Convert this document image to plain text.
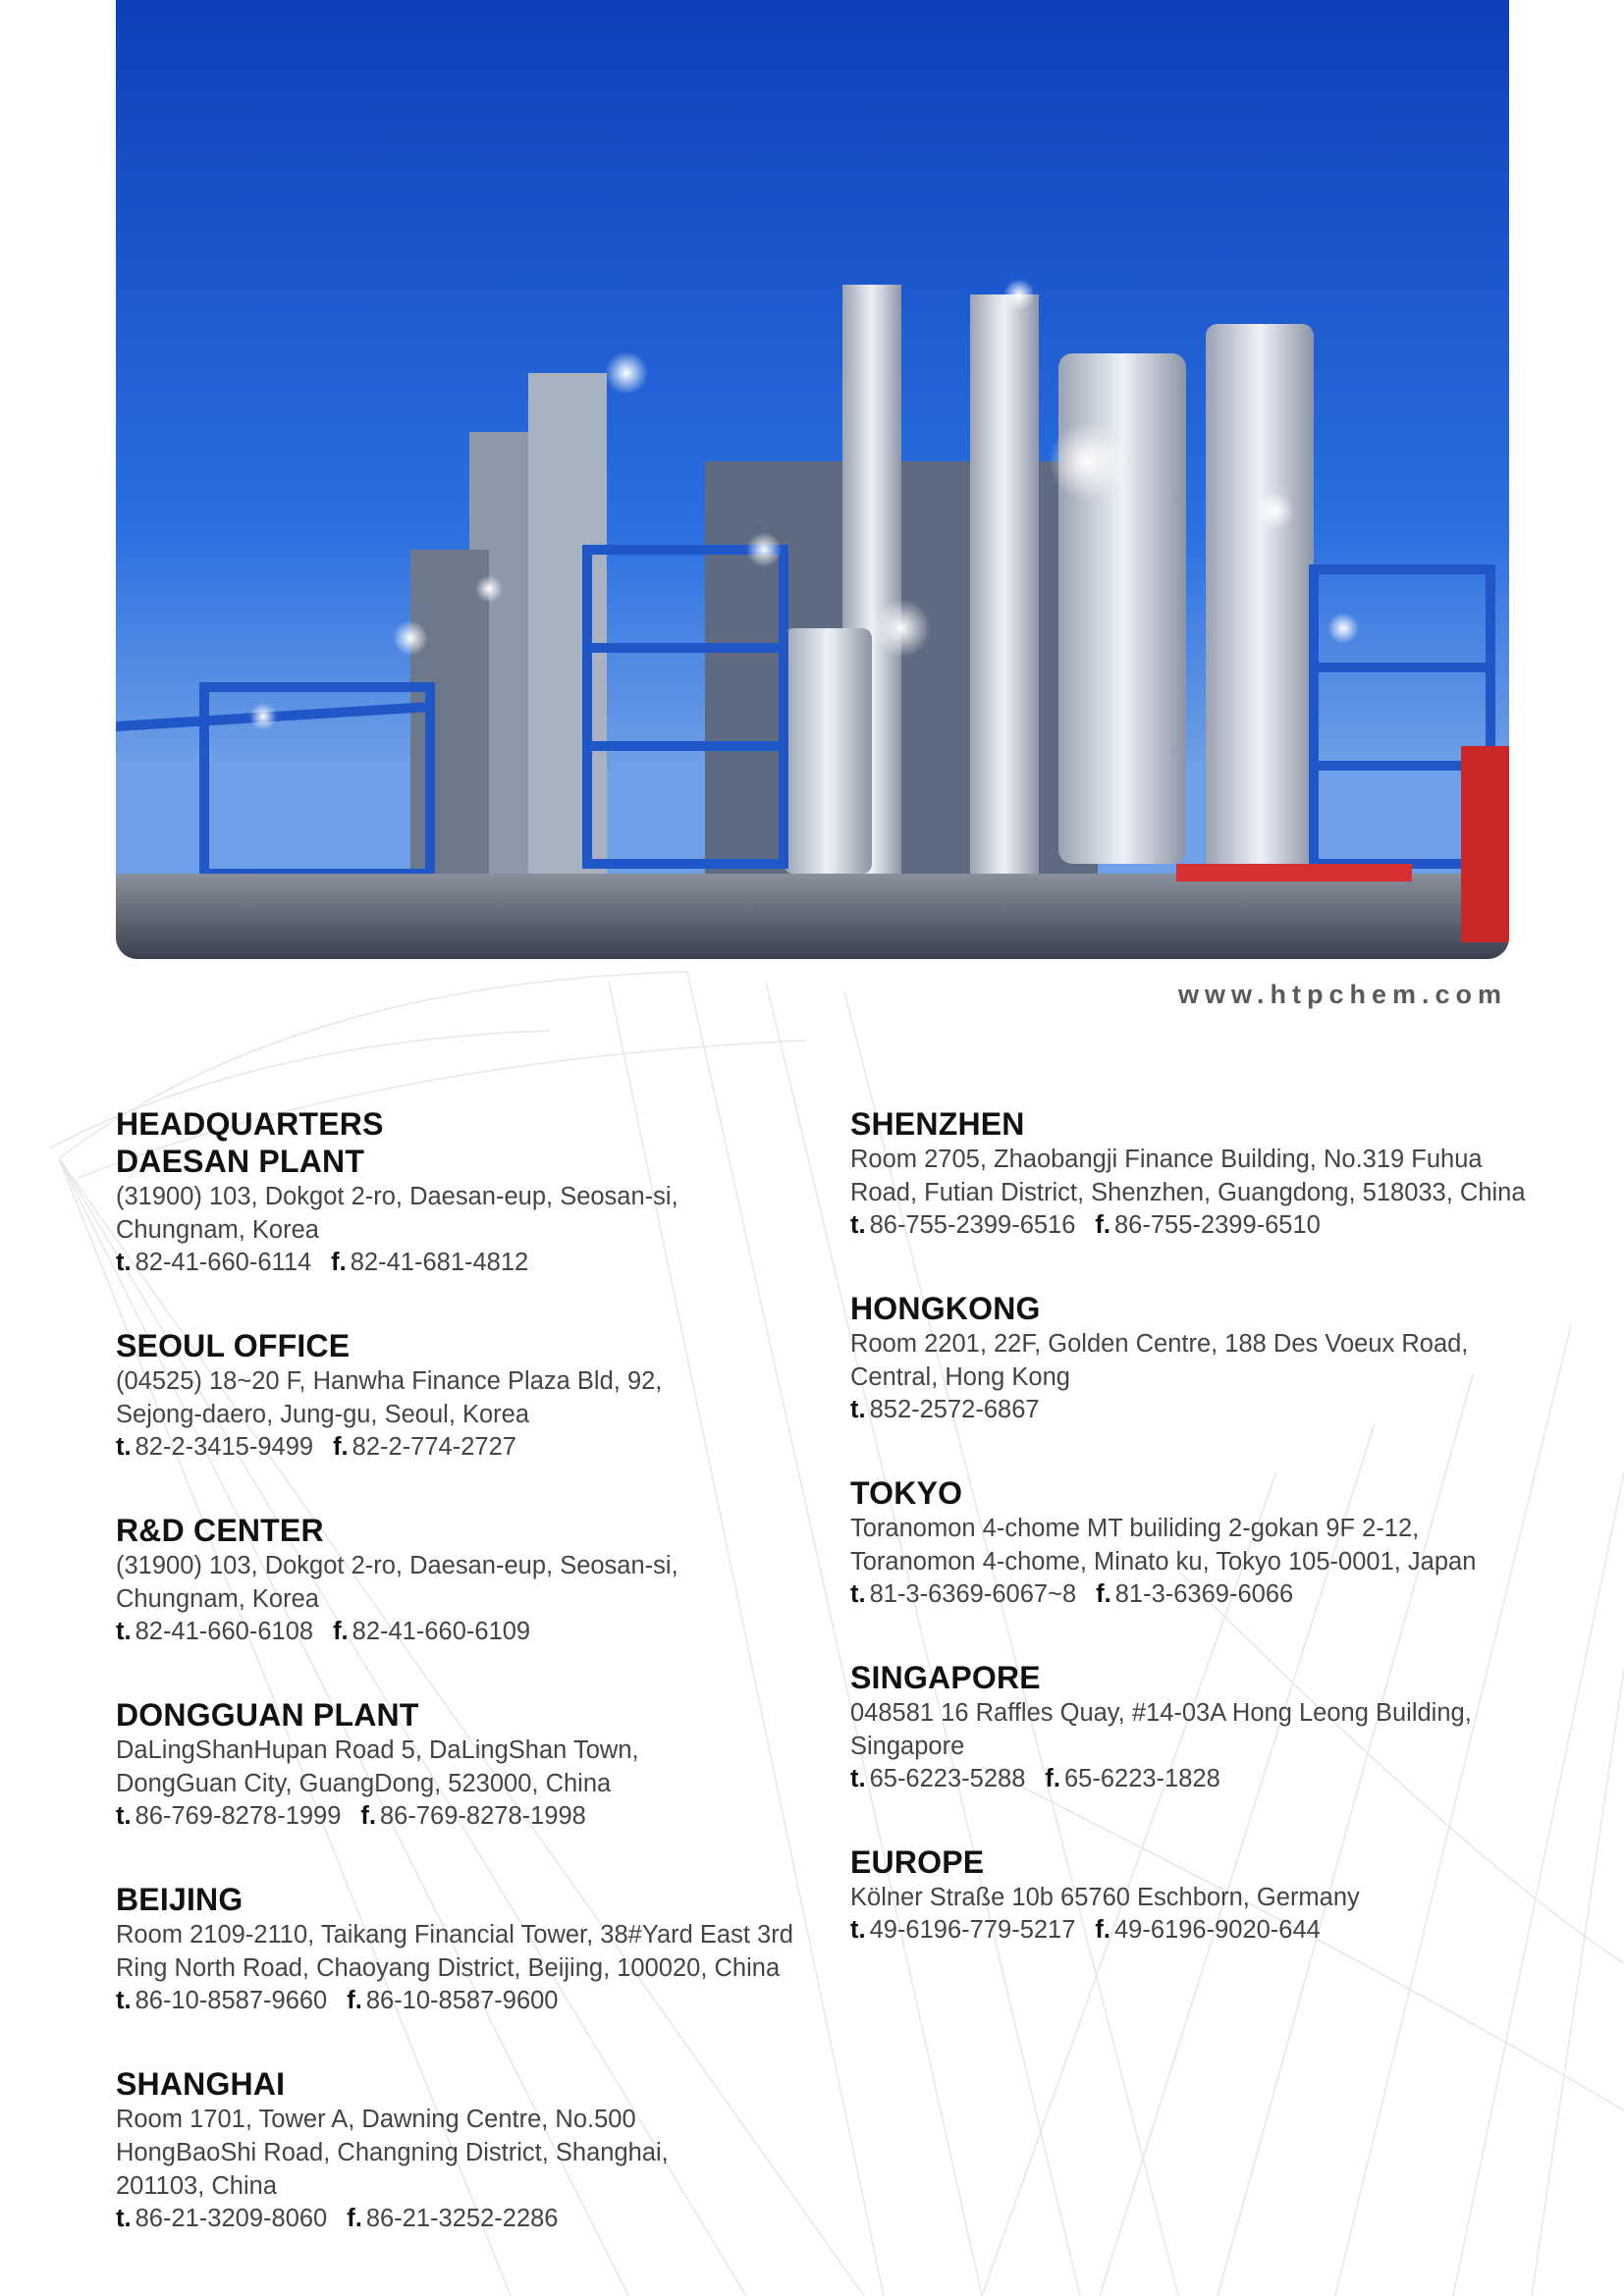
www.htpchem.com
HEADQUARTERS
DAESAN PLANT
(31900) 103, Dokgot 2-ro, Daesan-eup, Seosan-si,
Chungnam, Korea
t. 82-41-660-6114 f. 82-41-681-4812
SEOUL OFFICE
(04525) 18~20 F, Hanwha Finance Plaza Bld, 92,
Sejong-daero, Jung-gu, Seoul, Korea
t. 82-2-3415-9499 f. 82-2-774-2727
R&D CENTER
(31900) 103, Dokgot 2-ro, Daesan-eup, Seosan-si,
Chungnam, Korea
t. 82-41-660-6108 f. 82-41-660-6109
DONGGUAN PLANT
DaLingShanHupan Road 5, DaLingShan Town,
DongGuan City, GuangDong, 523000, China
t. 86-769-8278-1999 f. 86-769-8278-1998
BEIJING
Room 2109-2110, Taikang Financial Tower, 38#Yard East 3rd
Ring North Road, Chaoyang District, Beijing, 100020, China
t. 86-10-8587-9660 f. 86-10-8587-9600
SHANGHAI
Room 1701, Tower A, Dawning Centre, No.500
HongBaoShi Road, Changning District, Shanghai,
201103, China
t. 86-21-3209-8060 f. 86-21-3252-2286
SHENZHEN
Room 2705, Zhaobangji Finance Building, No.319 Fuhua
Road, Futian District, Shenzhen, Guangdong, 518033, China
t. 86-755-2399-6516 f. 86-755-2399-6510
HONGKONG
Room 2201, 22F, Golden Centre, 188 Des Voeux Road,
Central, Hong Kong
t. 852-2572-6867
TOKYO
Toranomon 4-chome MT builiding 2-gokan 9F 2-12,
Toranomon 4-chome, Minato ku, Tokyo 105-0001, Japan
t. 81-3-6369-6067~8 f. 81-3-6369-6066
SINGAPORE
048581 16 Raffles Quay, #14-03A Hong Leong Building,
Singapore
t. 65-6223-5288 f. 65-6223-1828
EUROPE
Kölner Straße 10b 65760 Eschborn, Germany
t. 49-6196-779-5217 f. 49-6196-9020-644
